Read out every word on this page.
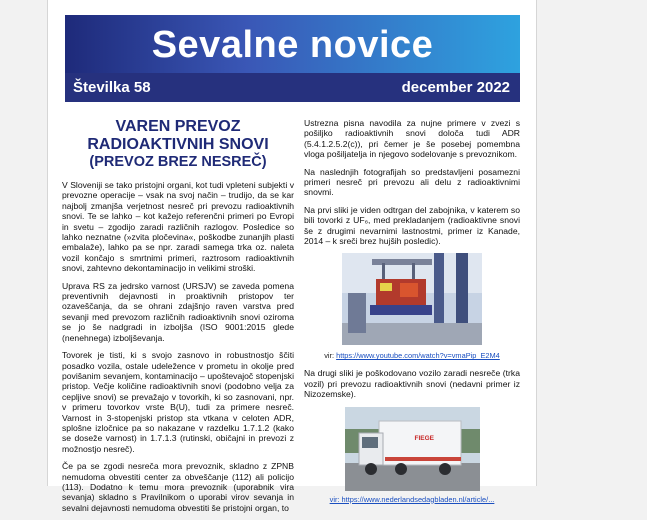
Sevalne novice
Številka 58	december 2022
VAREN PREVOZ
RADIOAKTIVNIH SNOVI
(PREVOZ BREZ NESREČ)

V Sloveniji se tako pristojni organi, kot tudi vpleteni subjekti v prevozne operacije – vsak na svoj način – trudijo, da se kar najbolj zmanjša verjetnost nesreč pri prevozu radioaktivnih snovi. Te se lahko – kot kažejo referenčni primeri po Evropi in svetu – zgodijo zaradi različnih razlogov. Posledice so lahko neznatne (»zvita pločevina«, poškodbe zunanjih plasti embalaže), lahko pa se npr. zaradi samega trka oz. naleta vozil končajo s smrtnimi primeri, raztrosom radioaktivnih snovi, zahtevno dekontaminacijo in velikimi stroški.

Uprava RS za jedrsko varnost (URSJV) se zaveda pomena preventivnih dejavnosti in proaktivnih pristopov ter ozaveščanja, da se ohrani zdajšnjo raven varstva pred sevanji med prevozom različnih radioaktivnih snovi oziroma se jo še nadgradi in izboljša (ISO 9001:2015 glede (nenehnega) izboljševanja.

Tovorek je tisti, ki s svojo zasnovo in robustnostjo ščiti posadko vozila, ostale udeležence v prometu in okolje pred povišanim sevanjem, kontaminacijo – upoštevajoč stopenjski pristop. Večje količine radioaktivnih snovi (podobno velja za cepljive snovi) se prevažajo v tovorkih, ki so zasnovani, npr. v primeru tovorkov vrste B(U), tudi za primere nesreč. Varnost in 3-stopenjski pristop sta vtkana v celoten ADR, splošne izločnice pa so nakazane v razdelku 1.7.1.2 (kako se doseže varnost) in 1.7.1.3 (rutinski, običajni in prevozi z možnostjo nesreč).

Če pa se zgodi nesreča mora prevoznik, skladno z ZPNB nemudoma obvestiti center za obveščanje (112) ali policijo (113). Dodatno k temu mora prevoznik (uporabnik vira sevanja) skladno s Pravilnikom o uporabi virov sevanja in sevalni dejavnosti nemudoma obvestiti še pristojni organ, to

Ustrezna pisna navodila za nujne primere v zvezi s pošiljko radioaktivnih snovi določa tudi ADR (5.4.1.2.5.2(c)), pri čemer je še posebej pomembna vloga pošiljatelja in njegovo sodelovanje s prevoznikom.

Na naslednjih fotografijah so predstavljeni posamezni primeri nesreč pri prevozu ali delu z radioaktivnimi snovmi.

Na prvi sliki je viden odtrgan del zabojnika, v katerem so bili tovorki z UF₆, med prekladanjem (radioaktivne snovi še z drugimi nevarnimi lastnostmi, primer iz Kanade, 2014 – k sreči brez hujših posledic).

vir: https://www.youtube.com/watch?v=vmaPip_E2M4

Na drugi sliki je poškodovano vozilo zaradi nesreče (trka vozil) pri prevozu radioaktivnih snovi (nedavni primer iz Nizozemske).

FIEGE
vir: https://www.nederlandsedagbladen.nl/article/...
